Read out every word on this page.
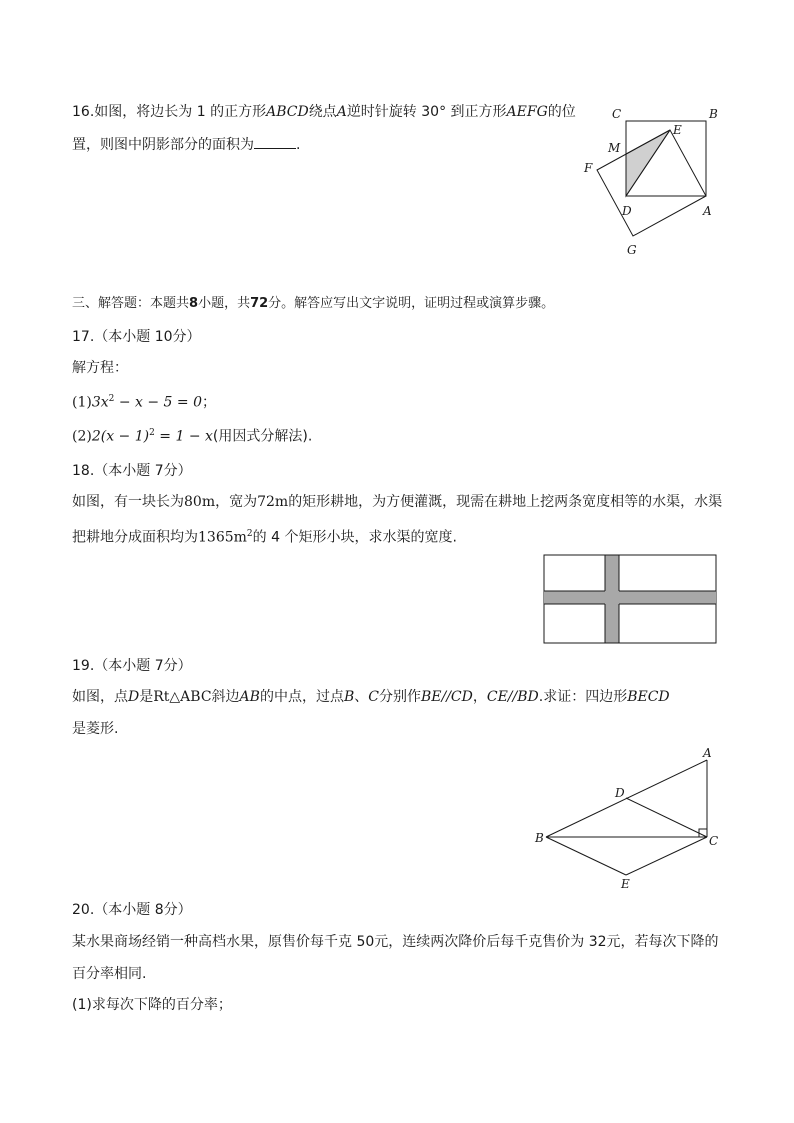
16.如图，将边长为 1 的正方形ABCD绕点A逆时针旋转 30° 到正方形AEFG的位
置，则图中阴影部分的面积为	.
C	B
E
M
F
D	A
G
三、解答题：本题共8小题，共72分。解答应写出文字说明，证明过程或演算步骤。
17.（本小题 10分）
解方程：
$(1)3x^2 - x - 5 = 0$；
$(2)2(x - 1)^2 = 1 - x$(用因式分解法).
18.（本小题 7分）
如图，有一块长为80m，宽为72m的矩形耕地，为方便灌溉，现需在耕地上挖两条宽度相等的水渠，水渠
把耕地分成面积均为$1365m^2$的 4 个矩形小块，求水渠的宽度.
19.（本小题 7分）
如图，点D是Rt△ABC斜边AB的中点，过点B、C分别作BE//CD，CE//BD.求证：四边形BECD
是菱形.
A
D
B	C
E
20.（本小题 8分）
某水果商场经销一种高档水果，原售价每千克 50元，连续两次降价后每千克售价为 32元，若每次下降的
百分率相同.
(1)求每次下降的百分率；
